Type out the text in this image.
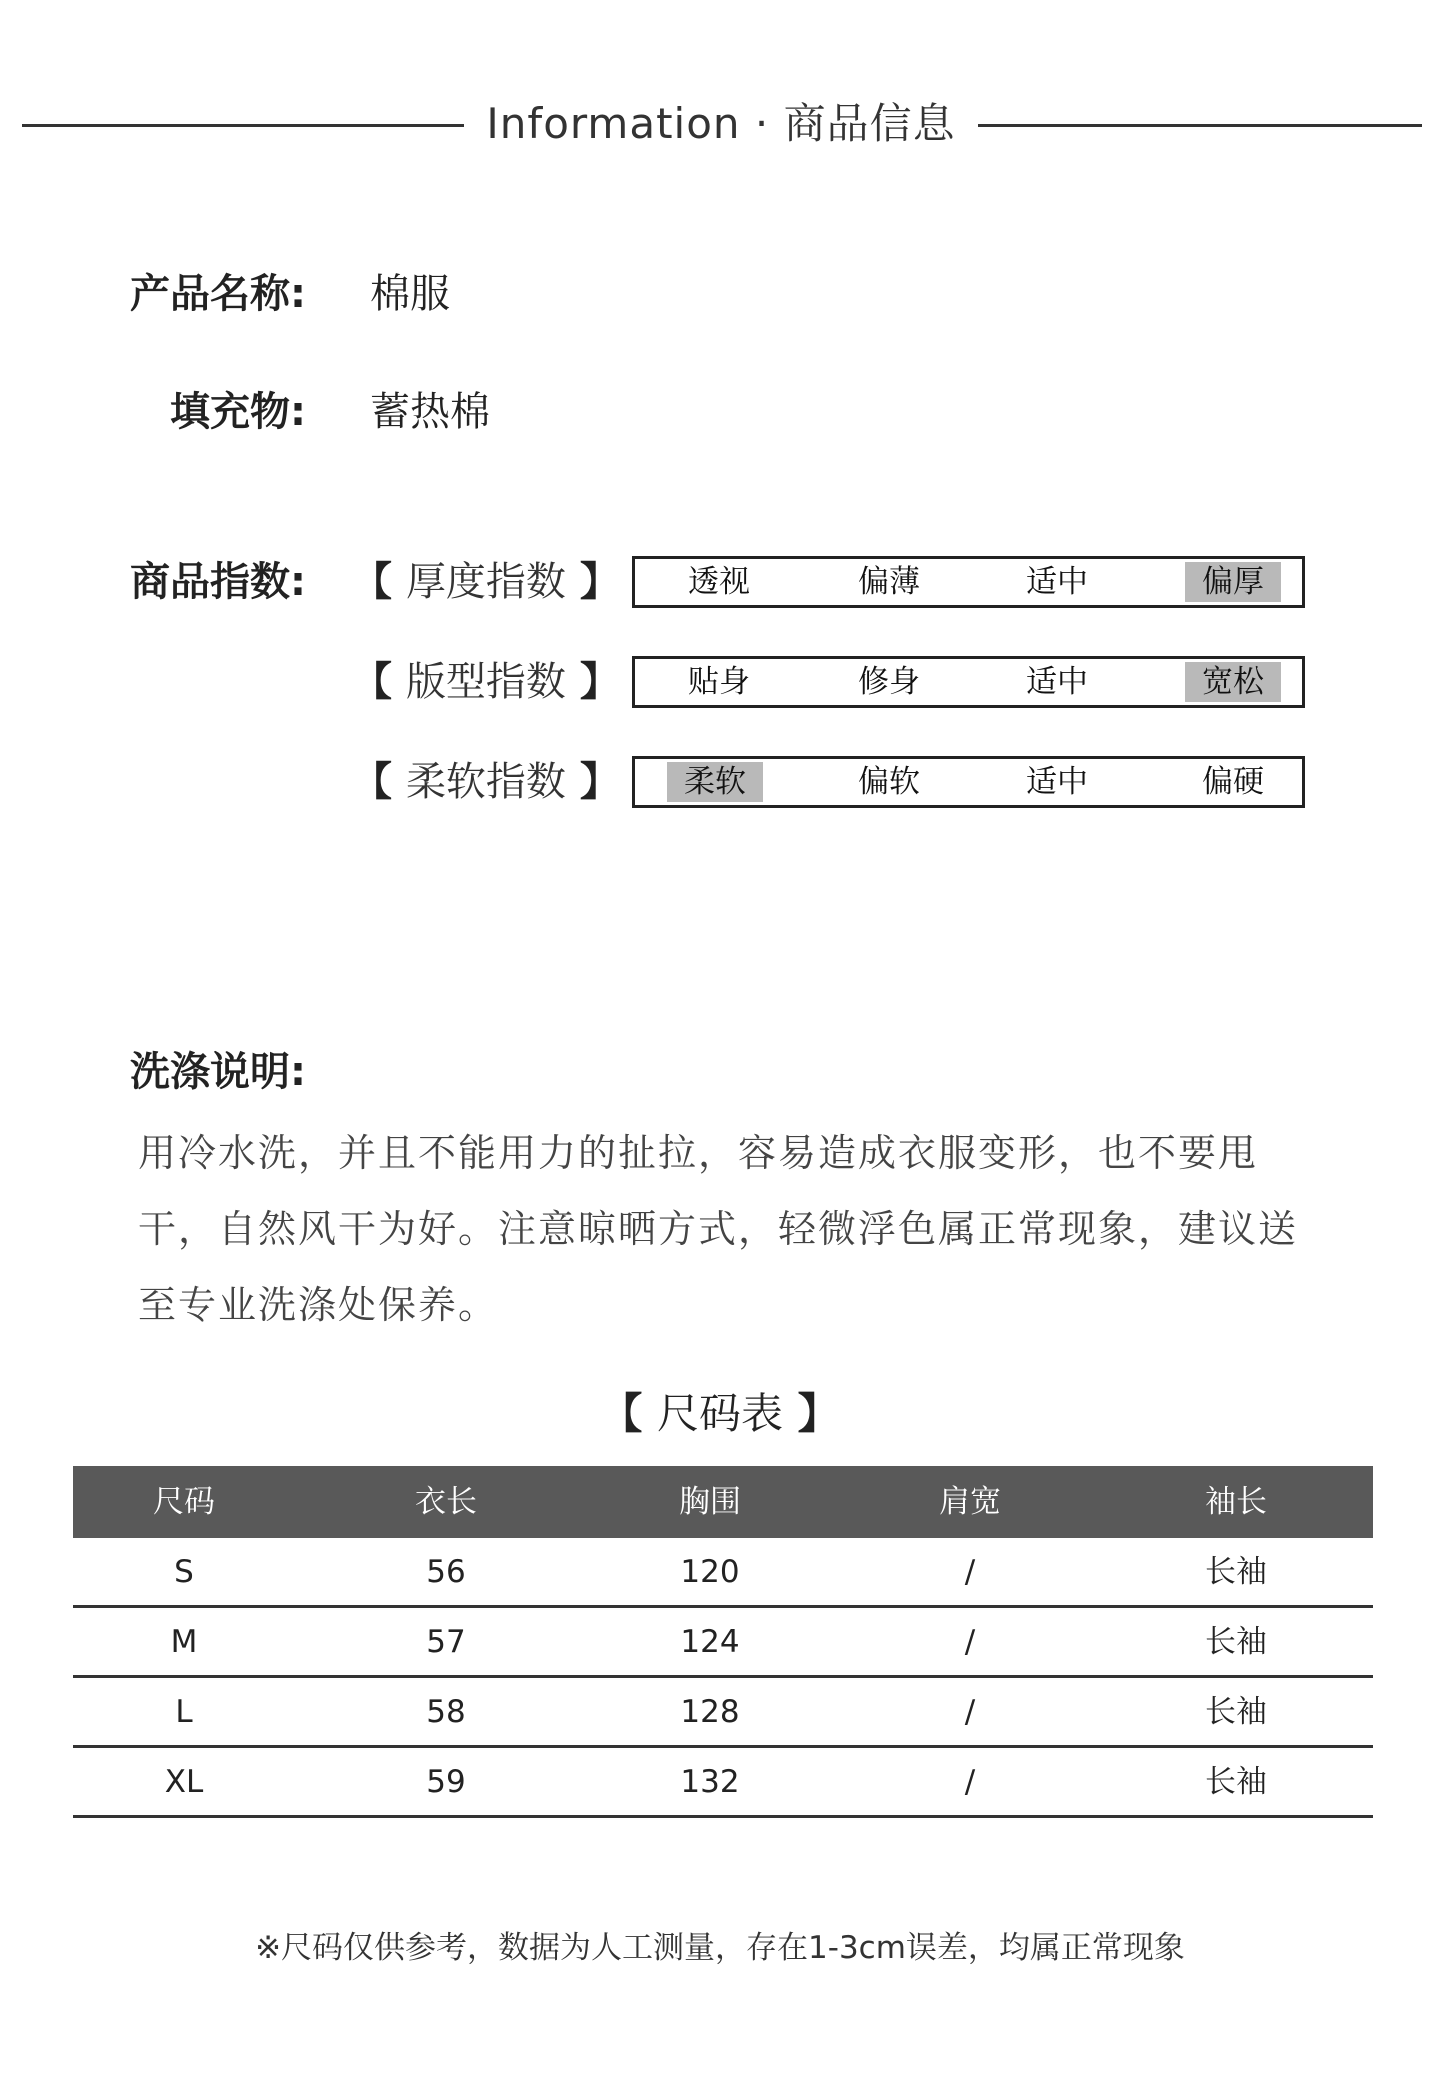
Information · 商品信息
产品名称: 棉服
填充物: 蓄热棉
商品指数: 【 厚度指数 】	透视	偏薄	适中	偏厚
【 版型指数 】	贴身	修身	适中	宽松
【 柔软指数 】	柔软	偏软	适中	偏硬
洗涤说明:
用冷水洗，并且不能用力的扯拉，容易造成衣服变形，也不要甩
干，自然风干为好。注意晾晒方式，轻微浮色属正常现象，建议送
至专业洗涤处保养。
【 尺码表 】
尺码	衣长	胸围	肩宽	袖长
S	56	120	/	长袖
M	57	124	/	长袖
L	58	128	/	长袖
XL	59	132	/	长袖
※尺码仅供参考，数据为人工测量，存在1-3cm误差，均属正常现象
